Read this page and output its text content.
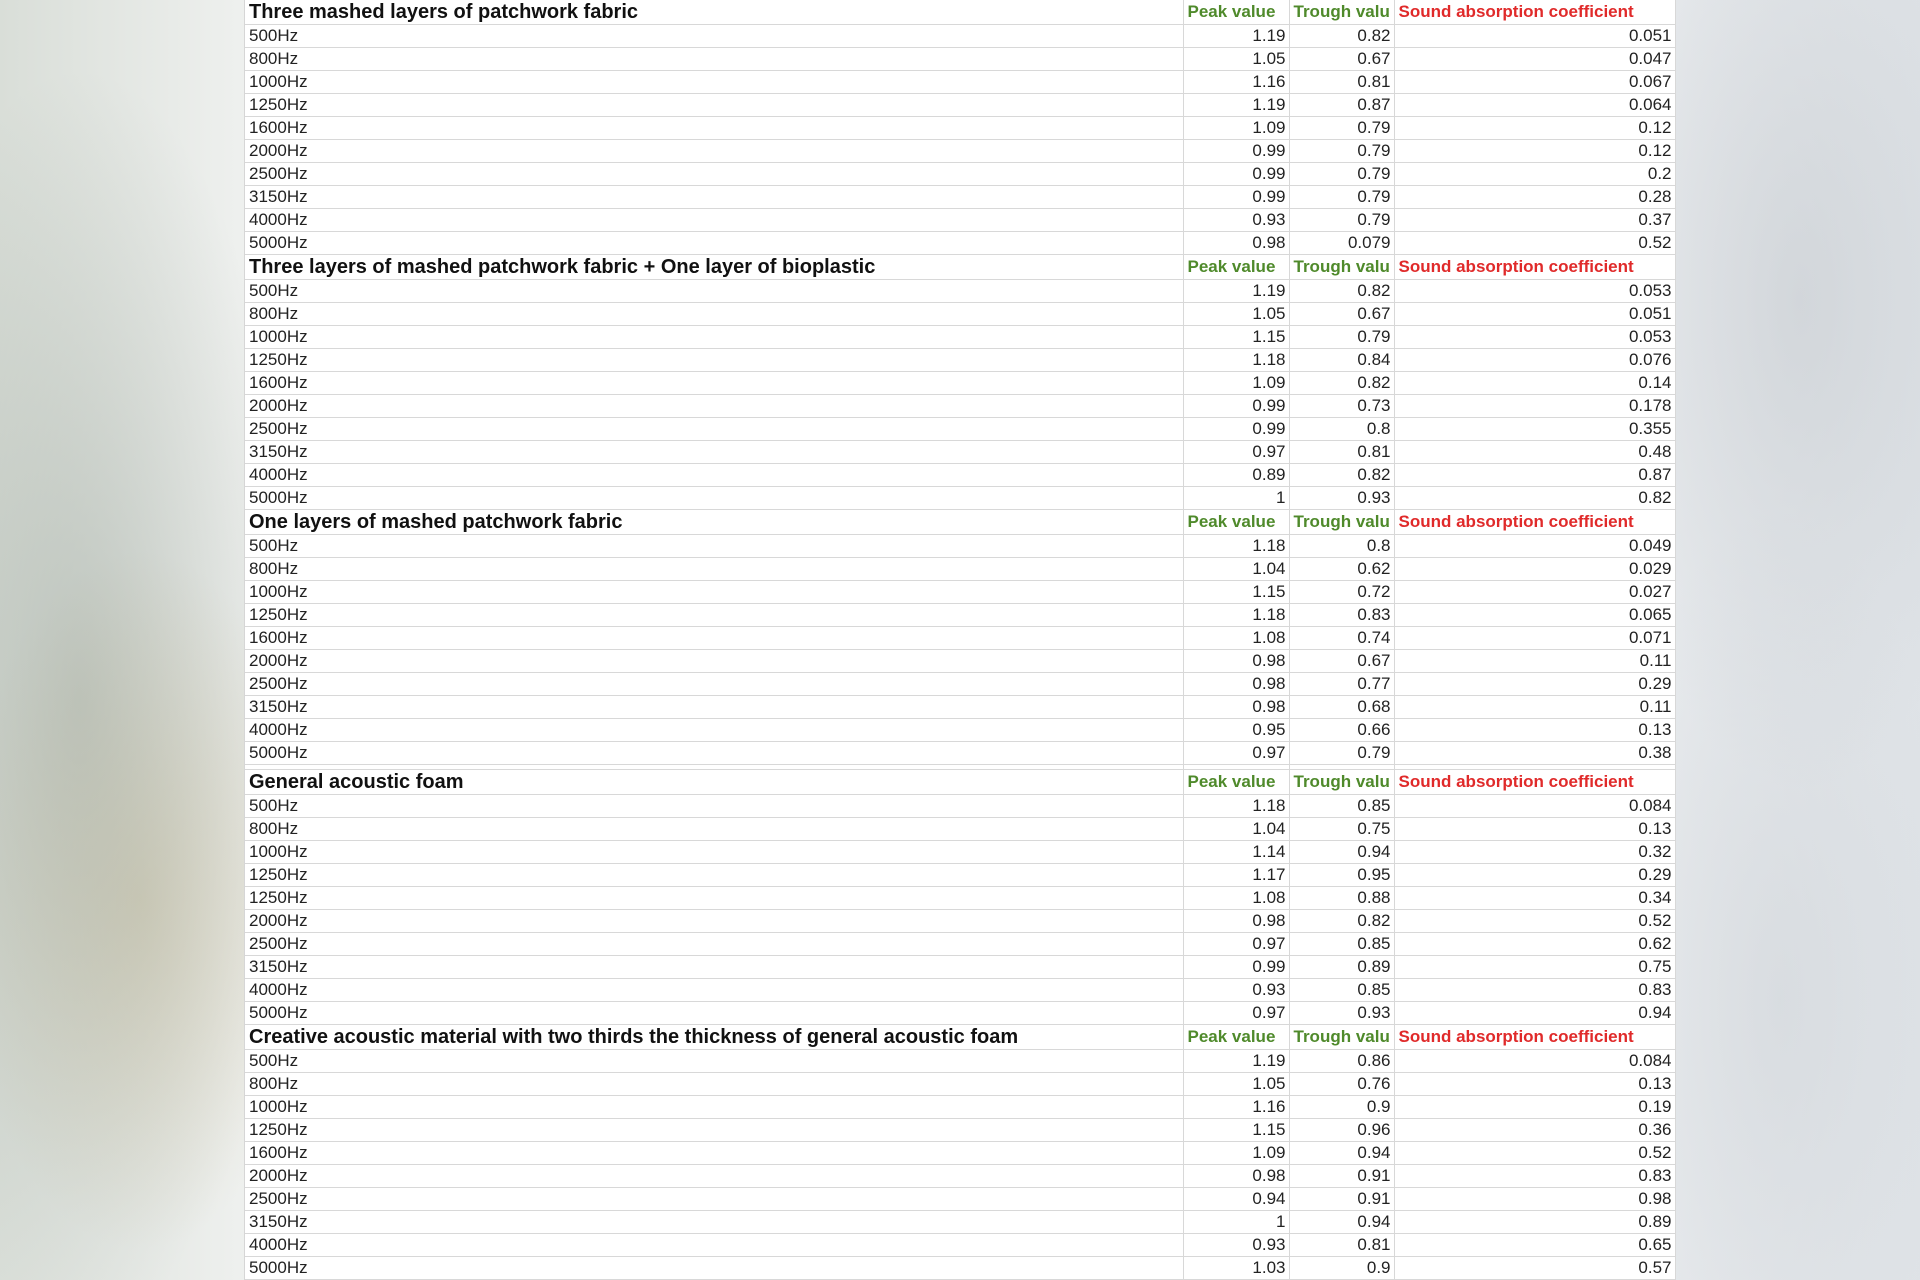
Three mashed layers of patchwork fabric	Peak value	Trough valu	Sound absorption coefficient
500Hz	1.19	0.82	0.051
800Hz	1.05	0.67	0.047
1000Hz	1.16	0.81	0.067
1250Hz	1.19	0.87	0.064
1600Hz	1.09	0.79	0.12
2000Hz	0.99	0.79	0.12
2500Hz	0.99	0.79	0.2
3150Hz	0.99	0.79	0.28
4000Hz	0.93	0.79	0.37
5000Hz	0.98	0.079	0.52
Three layers of mashed patchwork fabric + One layer of bioplastic	Peak value	Trough valu	Sound absorption coefficient
500Hz	1.19	0.82	0.053
800Hz	1.05	0.67	0.051
1000Hz	1.15	0.79	0.053
1250Hz	1.18	0.84	0.076
1600Hz	1.09	0.82	0.14
2000Hz	0.99	0.73	0.178
2500Hz	0.99	0.8	0.355
3150Hz	0.97	0.81	0.48
4000Hz	0.89	0.82	0.87
5000Hz	1	0.93	0.82
One layers of mashed patchwork fabric	Peak value	Trough valu	Sound absorption coefficient
500Hz	1.18	0.8	0.049
800Hz	1.04	0.62	0.029
1000Hz	1.15	0.72	0.027
1250Hz	1.18	0.83	0.065
1600Hz	1.08	0.74	0.071
2000Hz	0.98	0.67	0.11
2500Hz	0.98	0.77	0.29
3150Hz	0.98	0.68	0.11
4000Hz	0.95	0.66	0.13
5000Hz	0.97	0.79	0.38

General acoustic foam	Peak value	Trough valu	Sound absorption coefficient
500Hz	1.18	0.85	0.084
800Hz	1.04	0.75	0.13
1000Hz	1.14	0.94	0.32
1250Hz	1.17	0.95	0.29
1250Hz	1.08	0.88	0.34
2000Hz	0.98	0.82	0.52
2500Hz	0.97	0.85	0.62
3150Hz	0.99	0.89	0.75
4000Hz	0.93	0.85	0.83
5000Hz	0.97	0.93	0.94
Creative acoustic material with two thirds the thickness of general acoustic foam	Peak value	Trough valu	Sound absorption coefficient
500Hz	1.19	0.86	0.084
800Hz	1.05	0.76	0.13
1000Hz	1.16	0.9	0.19
1250Hz	1.15	0.96	0.36
1600Hz	1.09	0.94	0.52
2000Hz	0.98	0.91	0.83
2500Hz	0.94	0.91	0.98
3150Hz	1	0.94	0.89
4000Hz	0.93	0.81	0.65
5000Hz	1.03	0.9	0.57
